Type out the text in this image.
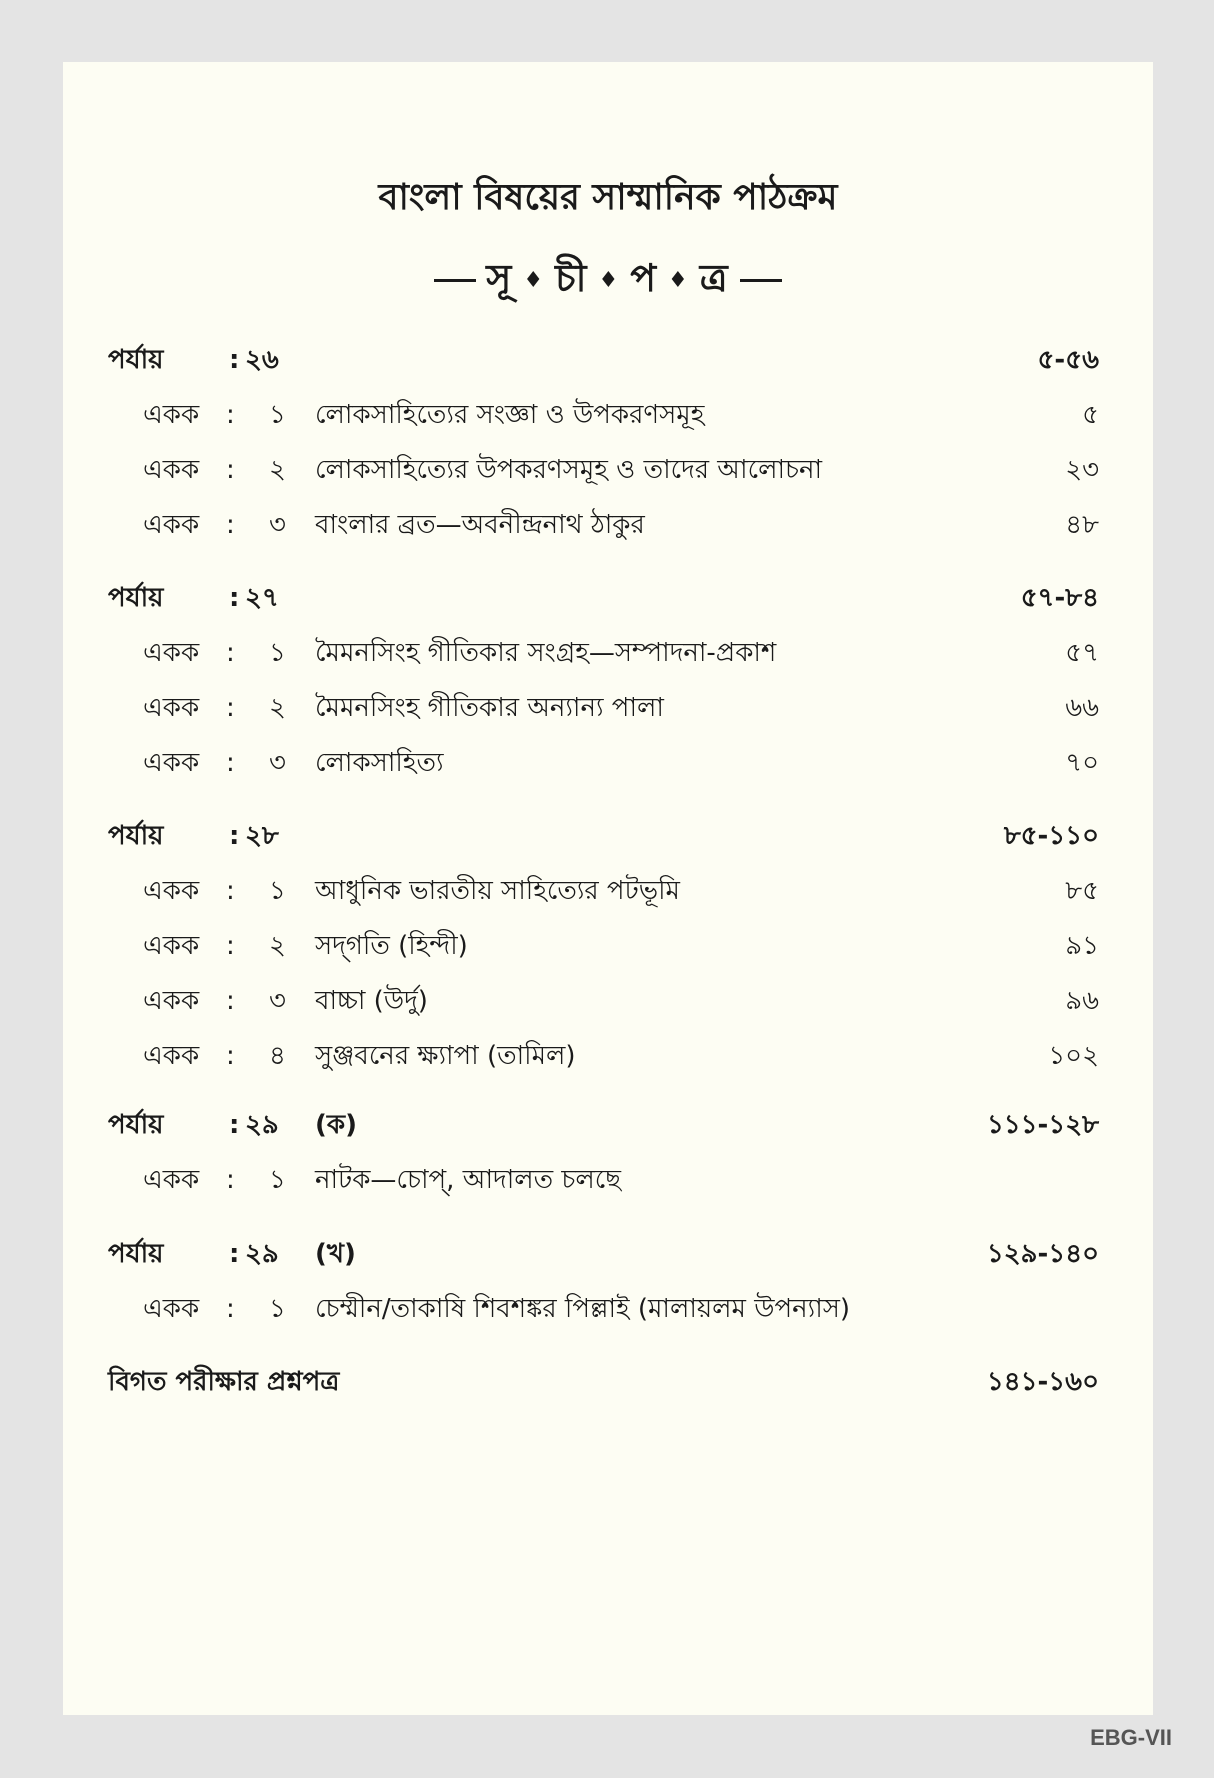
বাংলা বিষয়ের সাম্মানিক পাঠক্রম
সূ ♦ চী ♦ প ♦ ত্র
পর্যায়	: ২৬	৫-৫৬
একক : ১ লোকসাহিত্যের সংজ্ঞা ও উপকরণসমূহ	৫
একক : ২ লোকসাহিত্যের উপকরণসমূহ ও তাদের আলোচনা	২৩
একক : ৩ বাংলার ব্রত—অবনীন্দ্রনাথ ঠাকুর	৪৮
পর্যায়	: ২৭	৫৭-৮৪
একক : ১ মৈমনসিংহ গীতিকার সংগ্রহ—সম্পাদনা-প্রকাশ	৫৭
একক : ২ মৈমনসিংহ গীতিকার অন্যান্য পালা	৬৬
একক : ৩ লোকসাহিত্য	৭০
পর্যায়	: ২৮	৮৫-১১০
একক : ১ আধুনিক ভারতীয় সাহিত্যের পটভূমি	৮৫
একক : ২ সদ্‌গতি (হিন্দী)	৯১
একক : ৩ বাচ্চা (উর্দু)	৯৬
একক : ৪ সুঞ্জবনের ক্ষ্যাপা (তামিল)	১০২
পর্যায়	: ২৯ (ক)	১১১-১২৮
একক : ১ নাটক—চোপ্‌, আদালত চলছে
পর্যায়	: ২৯ (খ)	১২৯-১৪০
একক : ১ চেম্মীন/তাকাষি শিবশঙ্কর পিল্লাই (মালায়লম উপন্যাস)
বিগত পরীক্ষার প্রশ্নপত্র	১৪১-১৬০
EBG-VII
